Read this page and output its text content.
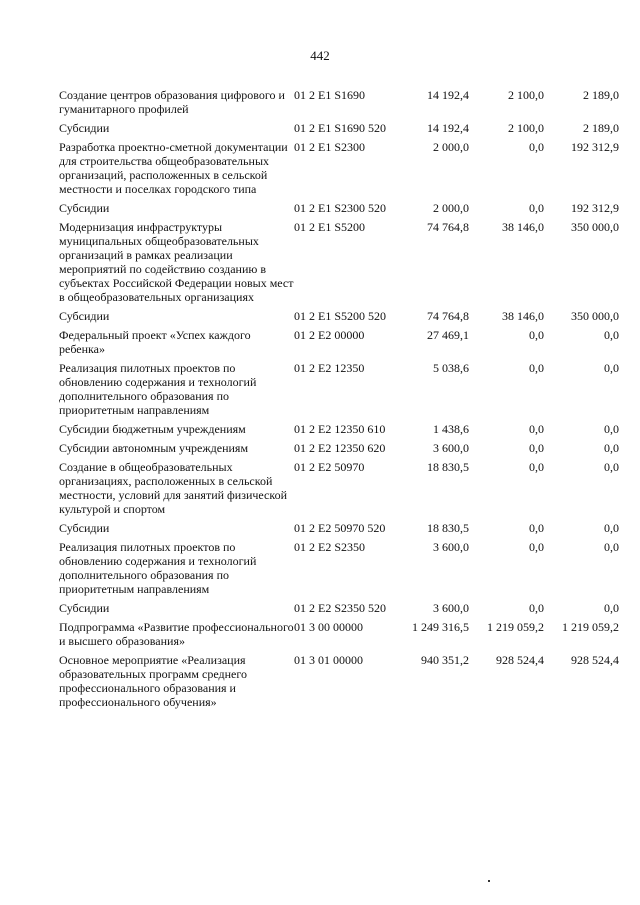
442
Создание центров образования цифрового и гуманитарного профилей	01 2 E1 S1690	14 192,4	2 100,0	2 189,0
Субсидии	01 2 E1 S1690 520	14 192,4	2 100,0	2 189,0
Разработка проектно-сметной документации для строительства общеобразовательных организаций, расположенных в сельской местности и поселках городского типа	01 2 E1 S2300	2 000,0	0,0	192 312,9
Субсидии	01 2 E1 S2300 520	2 000,0	0,0	192 312,9
Модернизация инфраструктуры муниципальных общеобразовательных организаций в рамках реализации мероприятий по содействию созданию в субъектах Российской Федерации новых мест в общеобразовательных организациях	01 2 E1 S5200	74 764,8	38 146,0	350 000,0
Субсидии	01 2 E1 S5200 520	74 764,8	38 146,0	350 000,0
Федеральный проект «Успех каждого ребенка»	01 2 E2 00000	27 469,1	0,0	0,0
Реализация пилотных проектов по обновлению содержания и технологий дополнительного образования по приоритетным направлениям	01 2 E2 12350	5 038,6	0,0	0,0
Субсидии бюджетным учреждениям	01 2 E2 12350 610	1 438,6	0,0	0,0
Субсидии автономным учреждениям	01 2 E2 12350 620	3 600,0	0,0	0,0
Создание в общеобразовательных организациях, расположенных в сельской местности, условий для занятий физической культурой и спортом	01 2 E2 50970	18 830,5	0,0	0,0
Субсидии	01 2 E2 50970 520	18 830,5	0,0	0,0
Реализация пилотных проектов по обновлению содержания и технологий дополнительного образования по приоритетным направлениям	01 2 E2 S2350	3 600,0	0,0	0,0
Субсидии	01 2 E2 S2350 520	3 600,0	0,0	0,0
Подпрограмма «Развитие профессионального и высшего образования»	01 3 00 00000	1 249 316,5	1 219 059,2	1 219 059,2
Основное мероприятие «Реализация образовательных программ среднего профессионального образования и профессионального обучения»	01 3 01 00000	940 351,2	928 524,4	928 524,4
